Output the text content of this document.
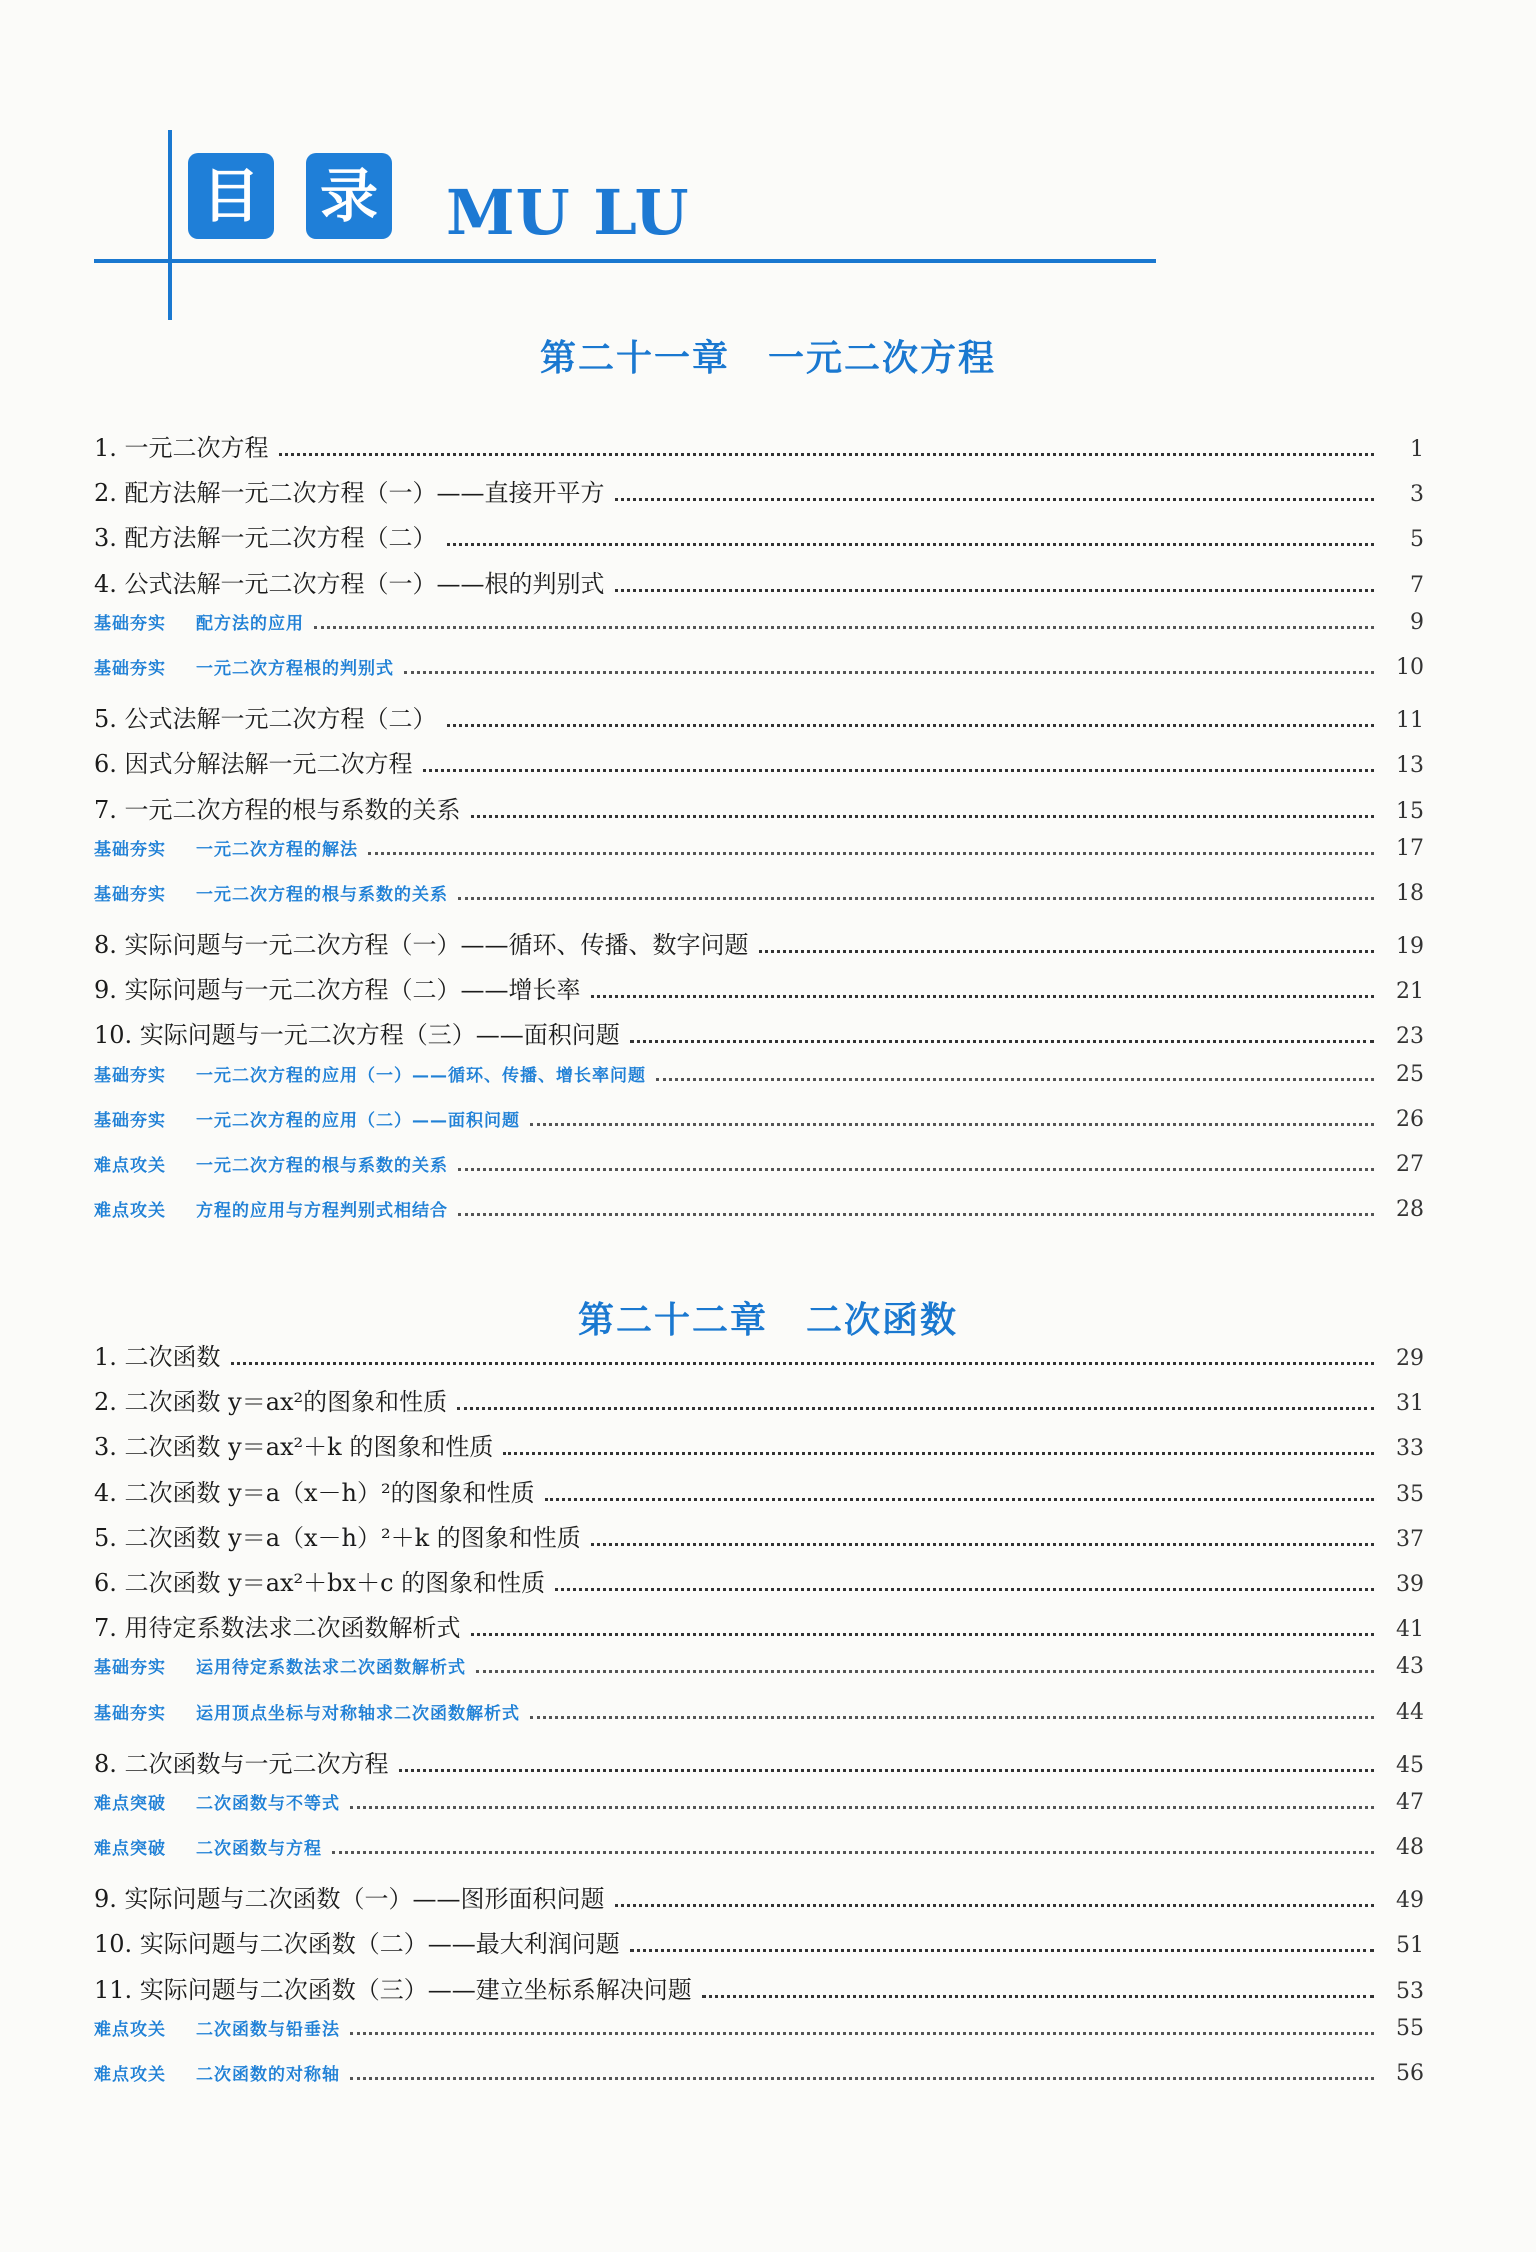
目 录 MU LU
第二十一章 一元二次方程
1. 一元二次方程	1
2. 配方法解一元二次方程（一）——直接开平方	3
3. 配方法解一元二次方程（二）	5
4. 公式法解一元二次方程（一）——根的判别式	7
基础夯实 配方法的应用	9
基础夯实 一元二次方程根的判别式	10
5. 公式法解一元二次方程（二）	11
6. 因式分解法解一元二次方程	13
7. 一元二次方程的根与系数的关系	15
基础夯实 一元二次方程的解法	17
基础夯实 一元二次方程的根与系数的关系	18
8. 实际问题与一元二次方程（一）——循环、传播、数字问题	19
9. 实际问题与一元二次方程（二）——增长率	21
10. 实际问题与一元二次方程（三）——面积问题	23
基础夯实 一元二次方程的应用（一）——循环、传播、增长率问题	25
基础夯实 一元二次方程的应用（二）——面积问题	26
难点攻关 一元二次方程的根与系数的关系	27
难点攻关 方程的应用与方程判别式相结合	28
第二十二章 二次函数
1. 二次函数	29
2. 二次函数 y＝ax²的图象和性质	31
3. 二次函数 y＝ax²＋k 的图象和性质	33
4. 二次函数 y＝a（x－h）²的图象和性质	35
5. 二次函数 y＝a（x－h）²＋k 的图象和性质	37
6. 二次函数 y＝ax²＋bx＋c 的图象和性质	39
7. 用待定系数法求二次函数解析式	41
基础夯实 运用待定系数法求二次函数解析式	43
基础夯实 运用顶点坐标与对称轴求二次函数解析式	44
8. 二次函数与一元二次方程	45
难点突破 二次函数与不等式	47
难点突破 二次函数与方程	48
9. 实际问题与二次函数（一）——图形面积问题	49
10. 实际问题与二次函数（二）——最大利润问题	51
11. 实际问题与二次函数（三）——建立坐标系解决问题	53
难点攻关 二次函数与铅垂法	55
难点攻关 二次函数的对称轴	56
